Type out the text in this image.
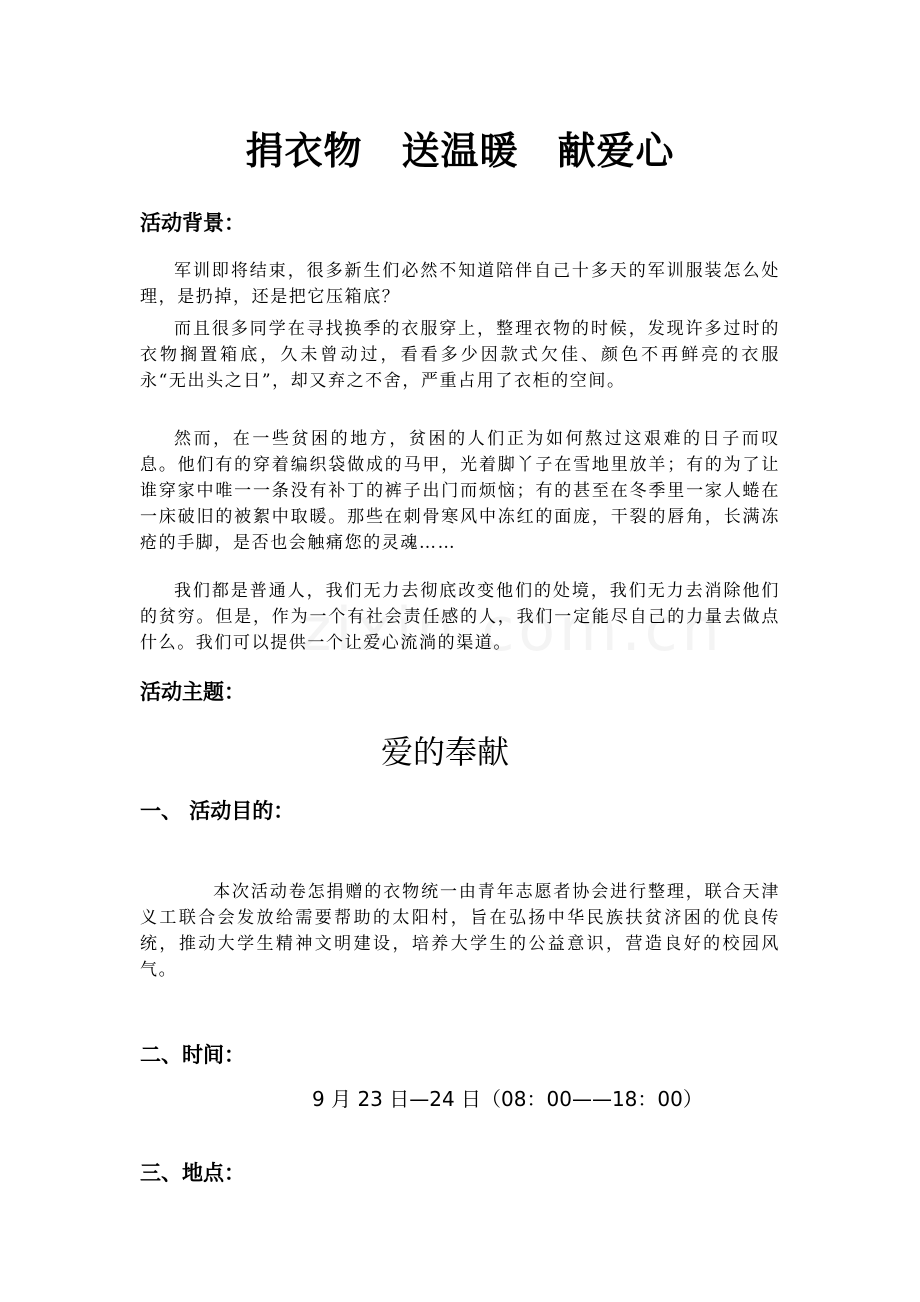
捐衣物　送温暖　献爱心
活动背景：
军训即将结束，很多新生们必然不知道陪伴自己十多天的军训服装怎么处理，是扔掉，还是把它压箱底？
而且很多同学在寻找换季的衣服穿上，整理衣物的时候，发现许多过时的衣物搁置箱底，久未曾动过，看看多少因款式欠佳、颜色不再鲜亮的衣服永“无出头之日”，却又弃之不舍，严重占用了衣柜的空间。
然而，在一些贫困的地方，贫困的人们正为如何熬过这艰难的日子而叹息。他们有的穿着编织袋做成的马甲，光着脚丫子在雪地里放羊；有的为了让谁穿家中唯一一条没有补丁的裤子出门而烦恼；有的甚至在冬季里一家人蜷在一床破旧的被絮中取暖。那些在刺骨寒风中冻红的面庞，干裂的唇角，长满冻疮的手脚，是否也会触痛您的灵魂……
我们都是普通人，我们无力去彻底改变他们的处境，我们无力去消除他们的贫穷。但是，作为一个有社会责任感的人，我们一定能尽自己的力量去做点什么。我们可以提供一个让爱心流淌的渠道。
活动主题：
爱的奉献
一、 活动目的：
本次活动卷怎捐赠的衣物统一由青年志愿者协会进行整理，联合天津义工联合会发放给需要帮助的太阳村，旨在弘扬中华民族扶贫济困的优良传统，推动大学生精神文明建设，培养大学生的公益意识，营造良好的校园风气。
二、时间：
9 月 23 日—24 日（08：00——18：00）
三、地点：
